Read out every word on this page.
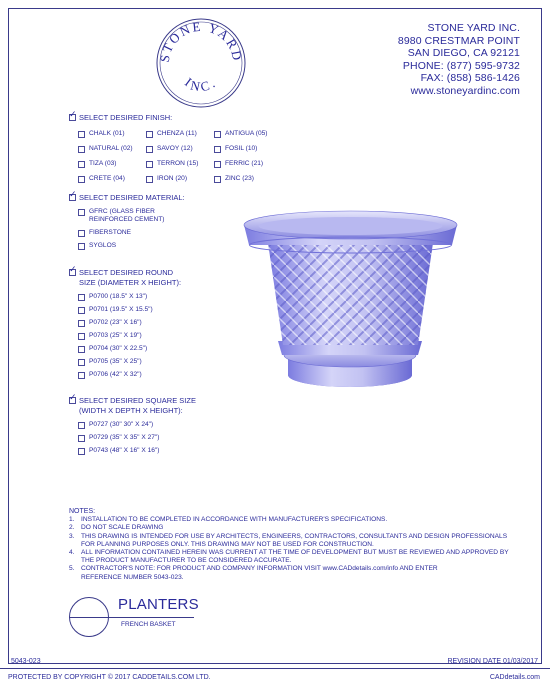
STONE YARD
INC.
STONE YARD INC.
8980 CRESTMAR POINT
SAN DIEGO, CA 92121
PHONE: (877) 595-9732
FAX: (858) 586-1426
www.stoneyardinc.com
✓
SELECT DESIRED FINISH:
CHALK (01)	CHENZA (11)	ANTIGUA (05)
NATURAL (02)	SAVOY (12)	FOSIL (10)
TIZA (03)	TERRON (15)	FERRIC (21)
CRETE (04)	IRON (20)	ZINC (23)
✓
SELECT DESIRED MATERIAL:
GFRC (GLASS FIBER
REINFORCED CEMENT)
FIBERSTONE
SYGLOS
✓
SELECT DESIRED ROUND
SIZE (DIAMETER X HEIGHT):
P0700 (18.5" X 13")
P0701 (19.5" X 15.5")
P0702 (23" X 16")
P0703 (25" X 19")
P0704 (30" X 22.5")
P0705 (35" X 25")
P0706 (42" X 32")
✓
SELECT DESIRED SQUARE SIZE
(WIDTH X DEPTH X HEIGHT):
P0727 (30" 30" X 24")
P0729 (35" X 35" X 27")
P0743 (48" X 16" X 16")
NOTES:
1. INSTALLATION TO BE COMPLETED IN ACCORDANCE WITH MANUFACTURER'S SPECIFICATIONS.
2. DO NOT SCALE DRAWING
3. THIS DRAWING IS INTENDED FOR USE BY ARCHITECTS, ENGINEERS, CONTRACTORS, CONSULTANTS AND DESIGN PROFESSIONALS
FOR PLANNING PURPOSES ONLY. THIS DRAWING MAY NOT BE USED FOR CONSTRUCTION.
4. ALL INFORMATION CONTAINED HEREIN WAS CURRENT AT THE TIME OF DEVELOPMENT BUT MUST BE REVIEWED AND APPROVED BY
THE PRODUCT MANUFACTURER TO BE CONSIDERED ACCURATE.
5. CONTRACTOR'S NOTE: FOR PRODUCT AND COMPANY INFORMATION VISIT www.CADdetails.com/info AND ENTER
REFERENCE NUMBER 5043-023.
PLANTERS
FRENCH BASKET
5043-023	REVISION DATE 01/03/2017
PROTECTED BY COPYRIGHT © 2017 CADDETAILS.COM LTD.	CADdetails.com
